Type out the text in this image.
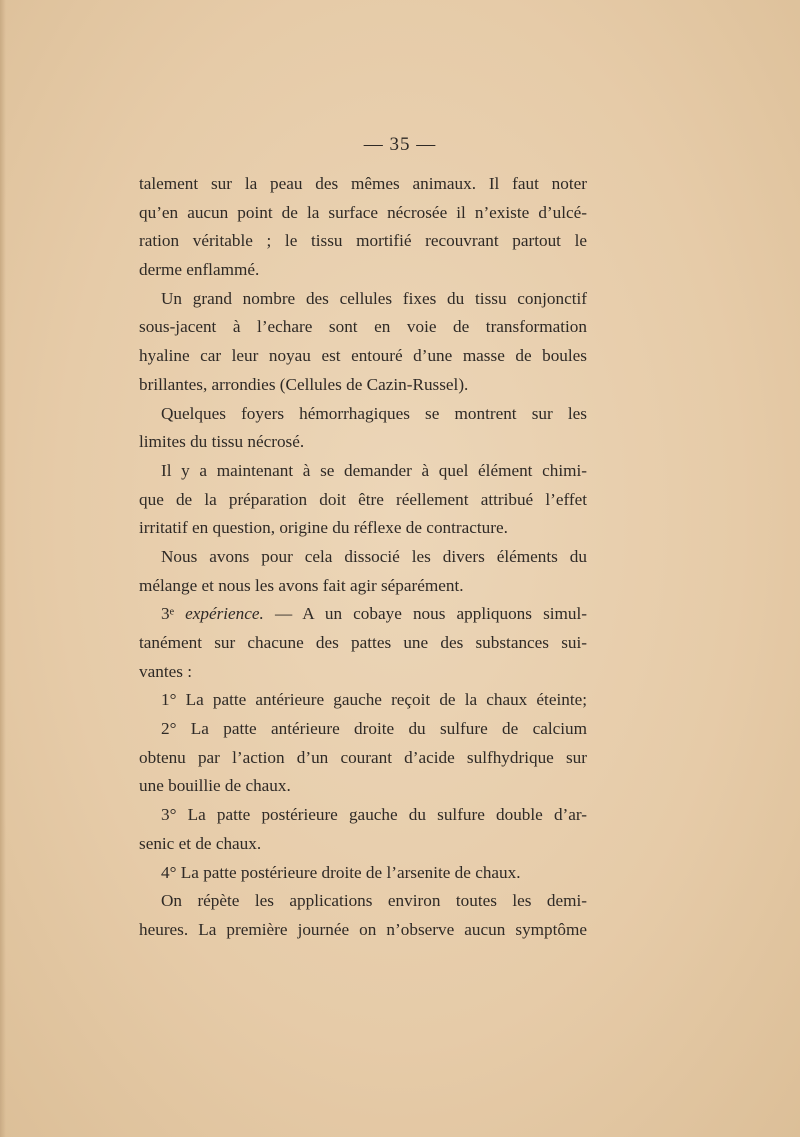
— 35 —
talement sur la peau des mêmes animaux. Il faut noter
qu’en aucun point de la surface nécrosée il n’existe d’ulcé-
ration véritable ; le tissu mortifié recouvrant partout le
derme enflammé.
Un grand nombre des cellules fixes du tissu conjonctif
sous-jacent à l’echare sont en voie de transformation
hyaline car leur noyau est entouré d’une masse de boules
brillantes, arrondies (Cellules de Cazin-Russel).
Quelques foyers hémorrhagiques se montrent sur les
limites du tissu nécrosé.
Il y a maintenant à se demander à quel élément chimi-
que de la préparation doit être réellement attribué l’effet
irritatif en question, origine du réflexe de contracture.
Nous avons pour cela dissocié les divers éléments du
mélange et nous les avons fait agir séparément.
3ᵉ expérience. — A un cobaye nous appliquons simul-
tanément sur chacune des pattes une des substances sui-
vantes :
1° La patte antérieure gauche reçoit de la chaux éteinte;
2° La patte antérieure droite du sulfure de calcium
obtenu par l’action d’un courant d’acide sulfhydrique sur
une bouillie de chaux.
3° La patte postérieure gauche du sulfure double d’ar-
senic et de chaux.
4° La patte postérieure droite de l’arsenite de chaux.
On répète les applications environ toutes les demi-
heures. La première journée on n’observe aucun symptôme
